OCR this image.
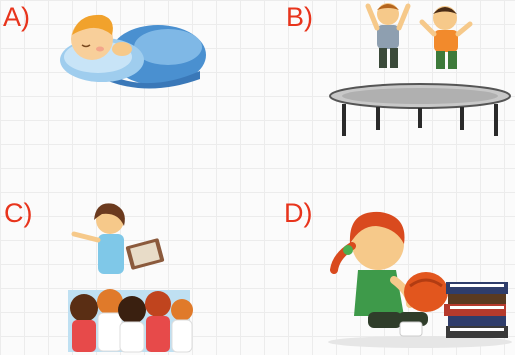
A)	B)
C)	D)
